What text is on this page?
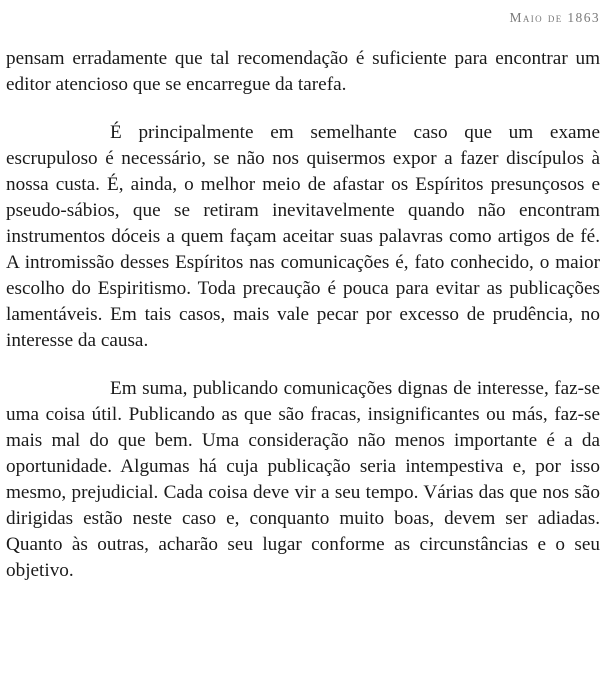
Maio de 1863

pensam erradamente que tal recomendação é suficiente para encontrar um editor atencioso que se encarregue da tarefa.

É principalmente em semelhante caso que um exame escrupuloso é necessário, se não nos quisermos expor a fazer discípulos à nossa custa. É, ainda, o melhor meio de afastar os Espíritos presunçosos e pseudo-sábios, que se retiram inevitavelmente quando não encontram instrumentos dóceis a quem façam aceitar suas palavras como artigos de fé. A intromissão desses Espíritos nas comunicações é, fato conhecido, o maior escolho do Espiritismo. Toda precaução é pouca para evitar as publicações lamentáveis. Em tais casos, mais vale pecar por excesso de prudência, no interesse da causa.

Em suma, publicando comunicações dignas de interesse, faz-se uma coisa útil. Publicando as que são fracas, insignificantes ou más, faz-se mais mal do que bem. Uma consideração não menos importante é a da oportunidade. Algumas há cuja publicação seria intempestiva e, por isso mesmo, prejudicial. Cada coisa deve vir a seu tempo. Várias das que nos são dirigidas estão neste caso e, conquanto muito boas, devem ser adiadas. Quanto às outras, acharão seu lugar conforme as circunstâncias e o seu objetivo.
